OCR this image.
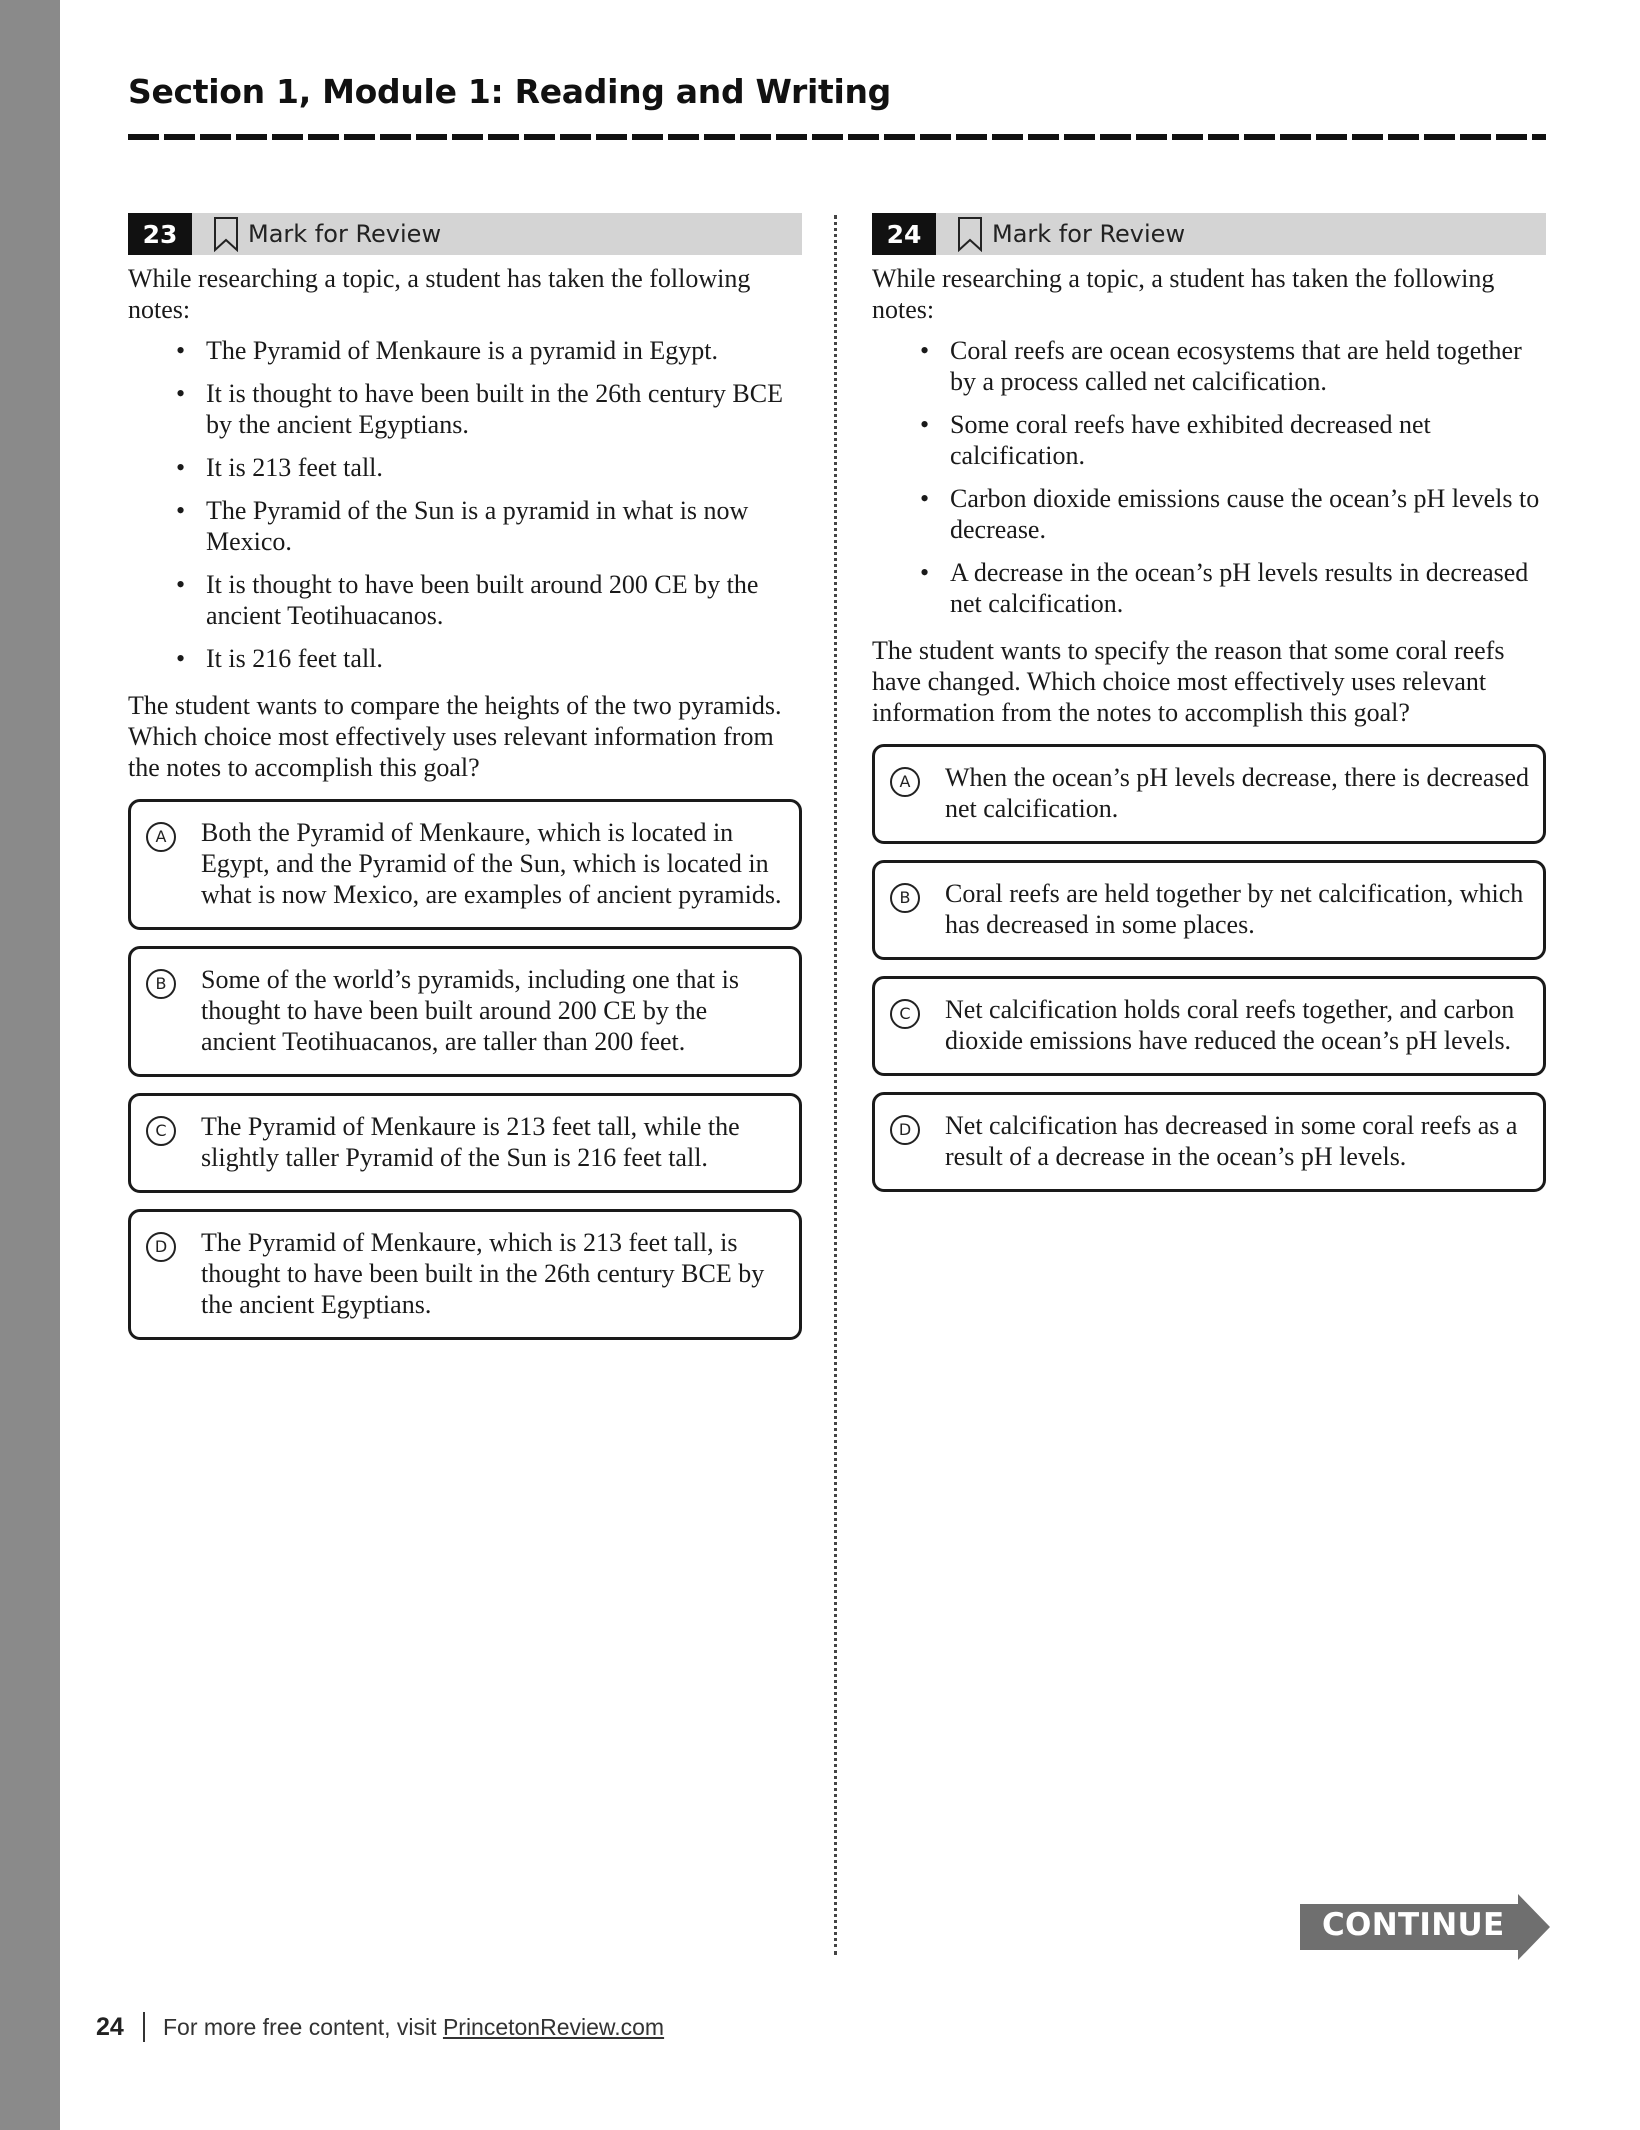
Section 1, Module 1: Reading and Writing
23	Mark for Review

While researching a topic, a student has taken the following notes:

• The Pyramid of Menkaure is a pyramid in Egypt.
• It is thought to have been built in the 26th century BCE by the ancient Egyptians.
• It is 213 feet tall.
• The Pyramid of the Sun is a pyramid in what is now Mexico.
• It is thought to have been built around 200 CE by the ancient Teotihuacanos.
• It is 216 feet tall.

The student wants to compare the heights of the two pyramids. Which choice most effectively uses relevant information from the notes to accomplish this goal?

A	Both the Pyramid of Menkaure, which is located in Egypt, and the Pyramid of the Sun, which is located in what is now Mexico, are examples of ancient pyramids.
B	Some of the world’s pyramids, including one that is thought to have been built around 200 CE by the ancient Teotihuacanos, are taller than 200 feet.
C	The Pyramid of Menkaure is 213 feet tall, while the slightly taller Pyramid of the Sun is 216 feet tall.
D	The Pyramid of Menkaure, which is 213 feet tall, is thought to have been built in the 26th century BCE by the ancient Egyptians.
24	Mark for Review

While researching a topic, a student has taken the following notes:

• Coral reefs are ocean ecosystems that are held together by a process called net calcification.
• Some coral reefs have exhibited decreased net calcification.
• Carbon dioxide emissions cause the ocean’s pH levels to decrease.
• A decrease in the ocean’s pH levels results in decreased net calcification.

The student wants to specify the reason that some coral reefs have changed. Which choice most effectively uses relevant information from the notes to accomplish this goal?

A	When the ocean’s pH levels decrease, there is decreased net calcification.
B	Coral reefs are held together by net calcification, which has decreased in some places.
C	Net calcification holds coral reefs together, and carbon dioxide emissions have reduced the ocean’s pH levels.
D	Net calcification has decreased in some coral reefs as a result of a decrease in the ocean’s pH levels.
CONTINUE
24 For more free content, visit PrincetonReview.com
